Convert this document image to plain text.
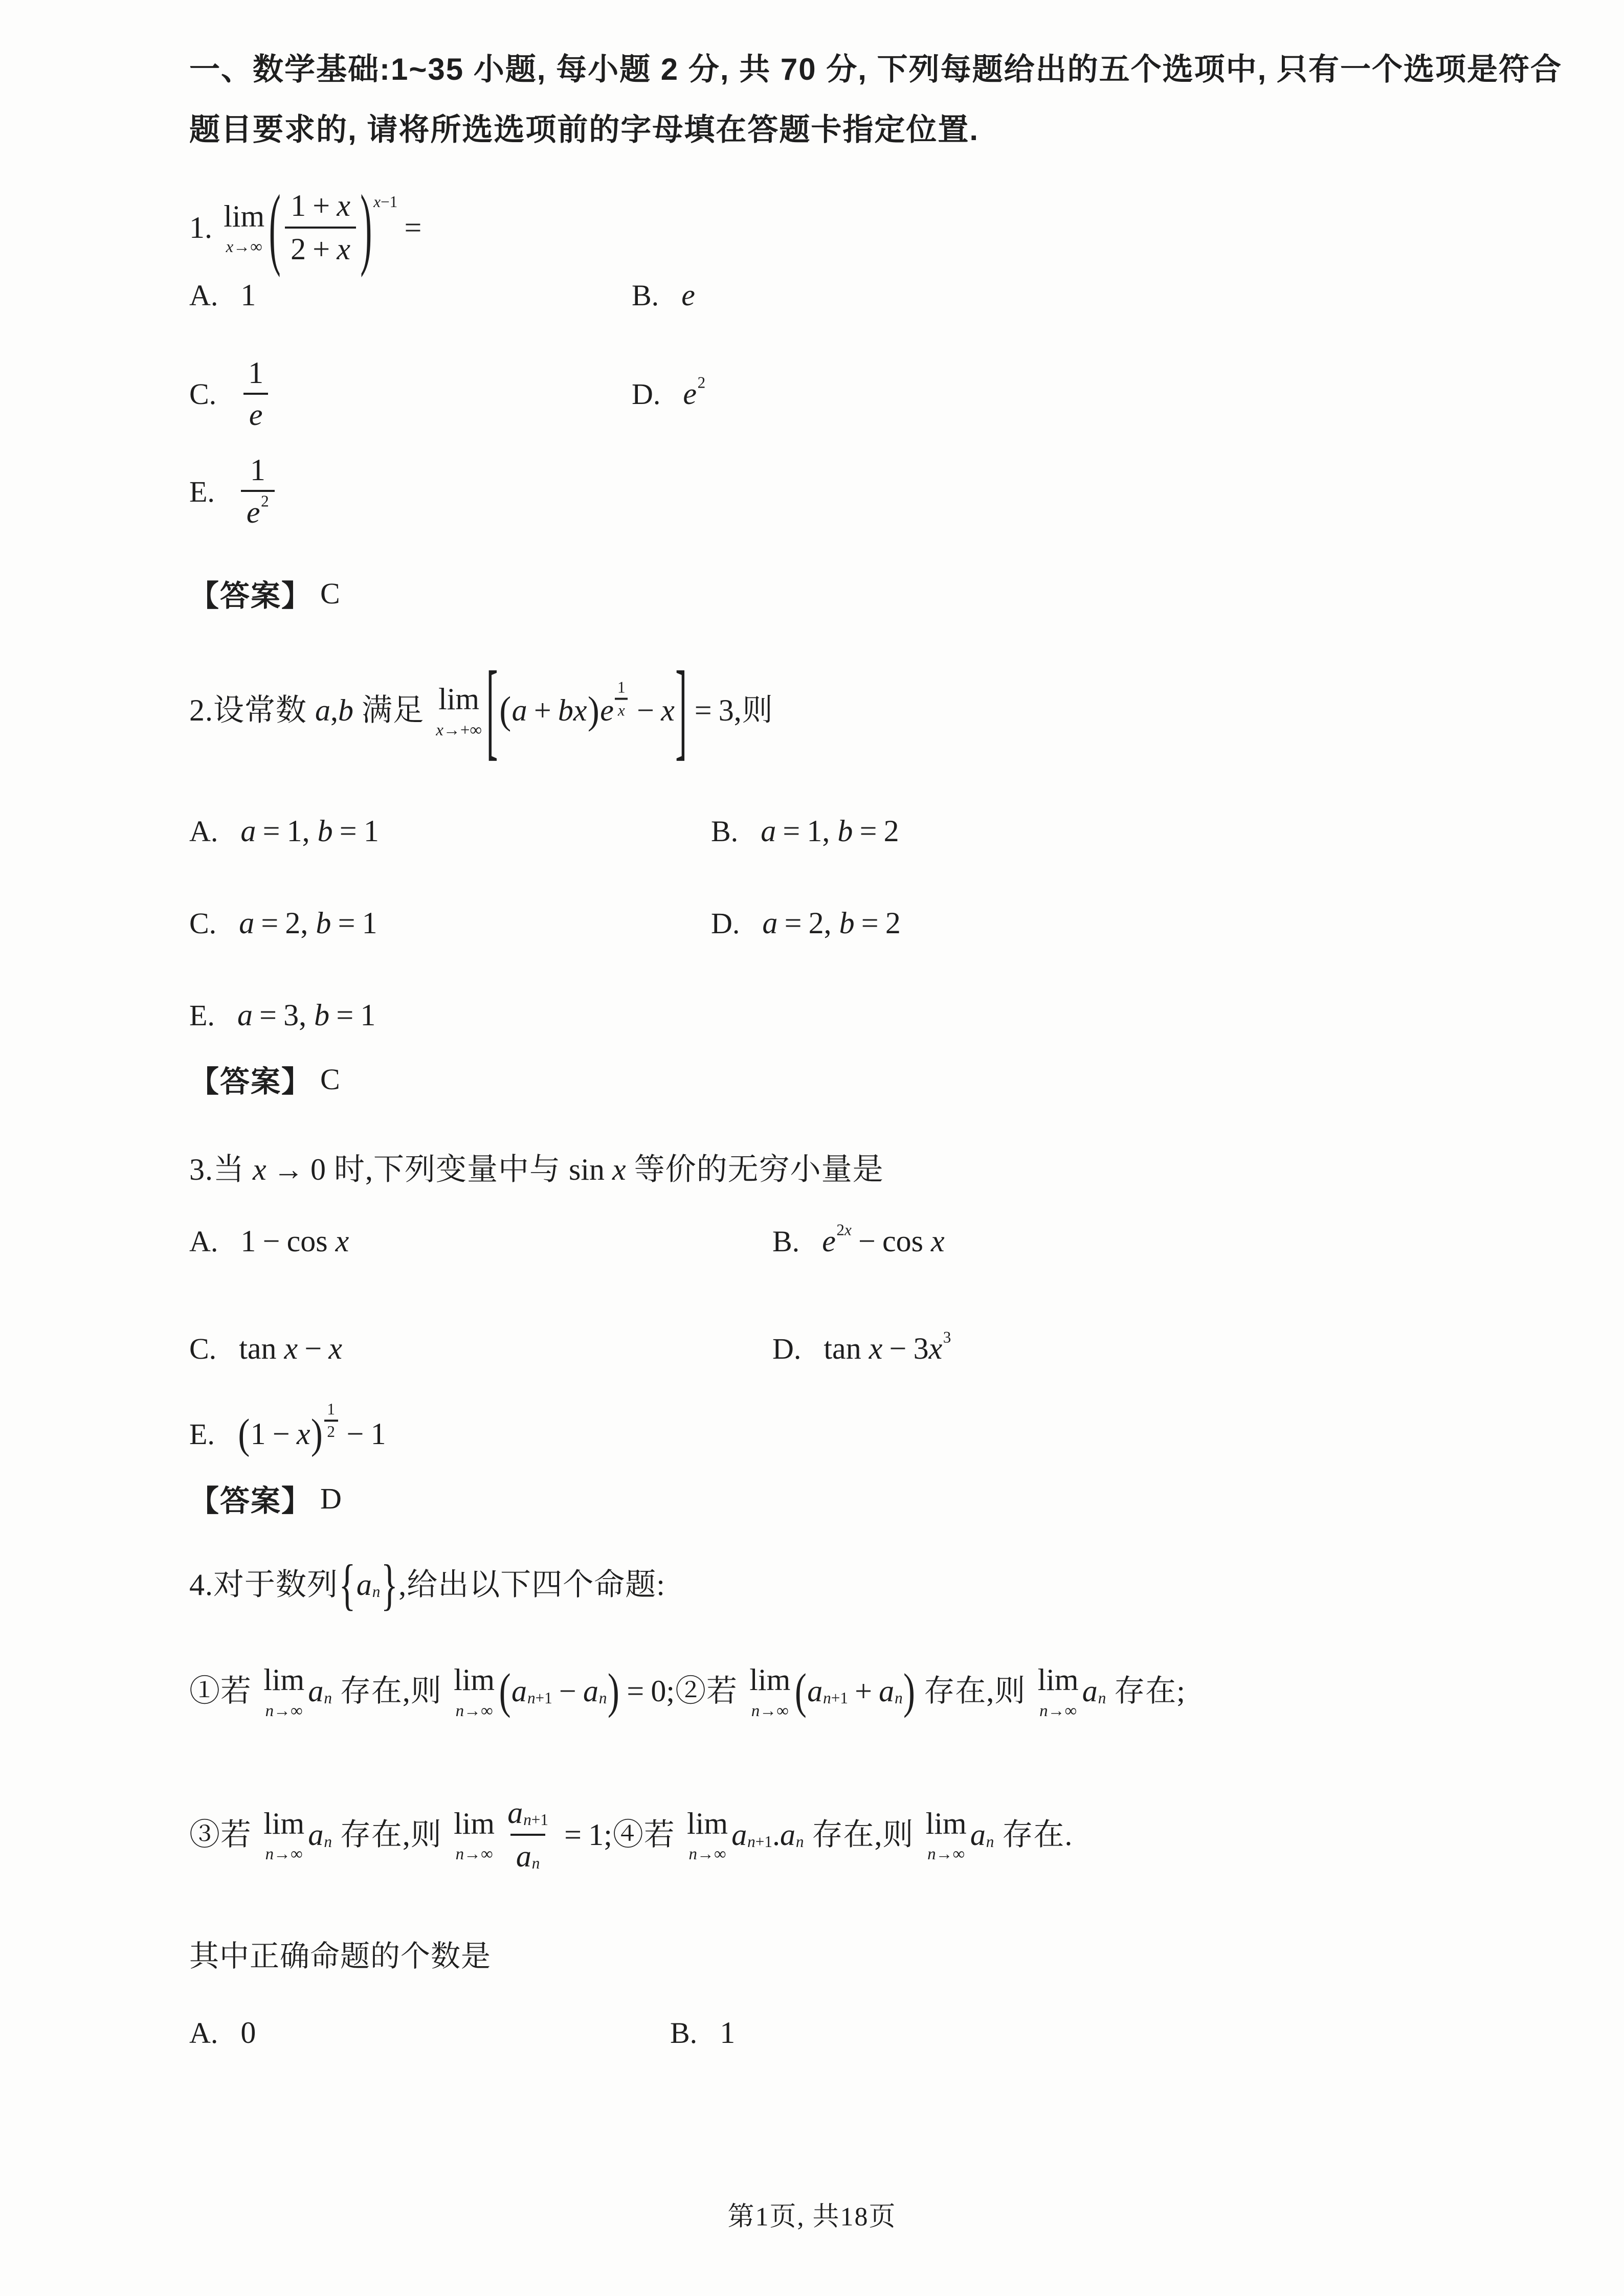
一、数学基础:1~35 小题, 每小题 2 分, 共 70 分, 下列每题给出的五个选项中, 只有一个选项是符合
题目要求的, 请将所选选项前的字母填在答题卡指定位置.
1. lim
x → ∞ ( $\frac{1 + x}{2 + x}$ ) x − 1
=
A. 1	B. e
C. $\frac{1}{e}$	D. e 2
E. $\frac{1}{e 2}$
【答案】 C
2.设常数 a , b 满足 lim
x → +∞ [ ( a + b x ) e $\frac{1}{x} - x$ ] = 3 ,则
A. a = 1 , b = 1	B. a = 1 , b = 2
C. a = 2 , b = 1	D. a = 2 , b = 2
E. a = 3 , b = 1
【答案】 C
3.当 x → 0 时,下列变量中与 sin x 等价的无穷小量是
A. 1 − cos x	B. e 2 x − cos x
C. tan x − x	D. tan x − 3 x 3
E. ( 1 − x ) $\frac{1}{2} - 1$
【答案】 D
4.对于数列 { a n } ,给出以下四个命题:
①若 lim
n → ∞
a n 存在,则 lim
n → ∞ ( a n + 1 − a n ) = 0 ;②若 lim
n → ∞ ( a n + 1 + a n ) 存在,则 lim
n → ∞
a n 存在;
③若 lim
n → ∞
a n 存在,则 lim
n → ∞ $\frac{\text{a n + 1}}{\text{a n}} = 1$ ;④若 lim
n → ∞
a n + 1 . a n 存在,则 lim
n → ∞
a n 存在.
其中正确命题的个数是
A. 0	B. 1
第1页, 共18页
